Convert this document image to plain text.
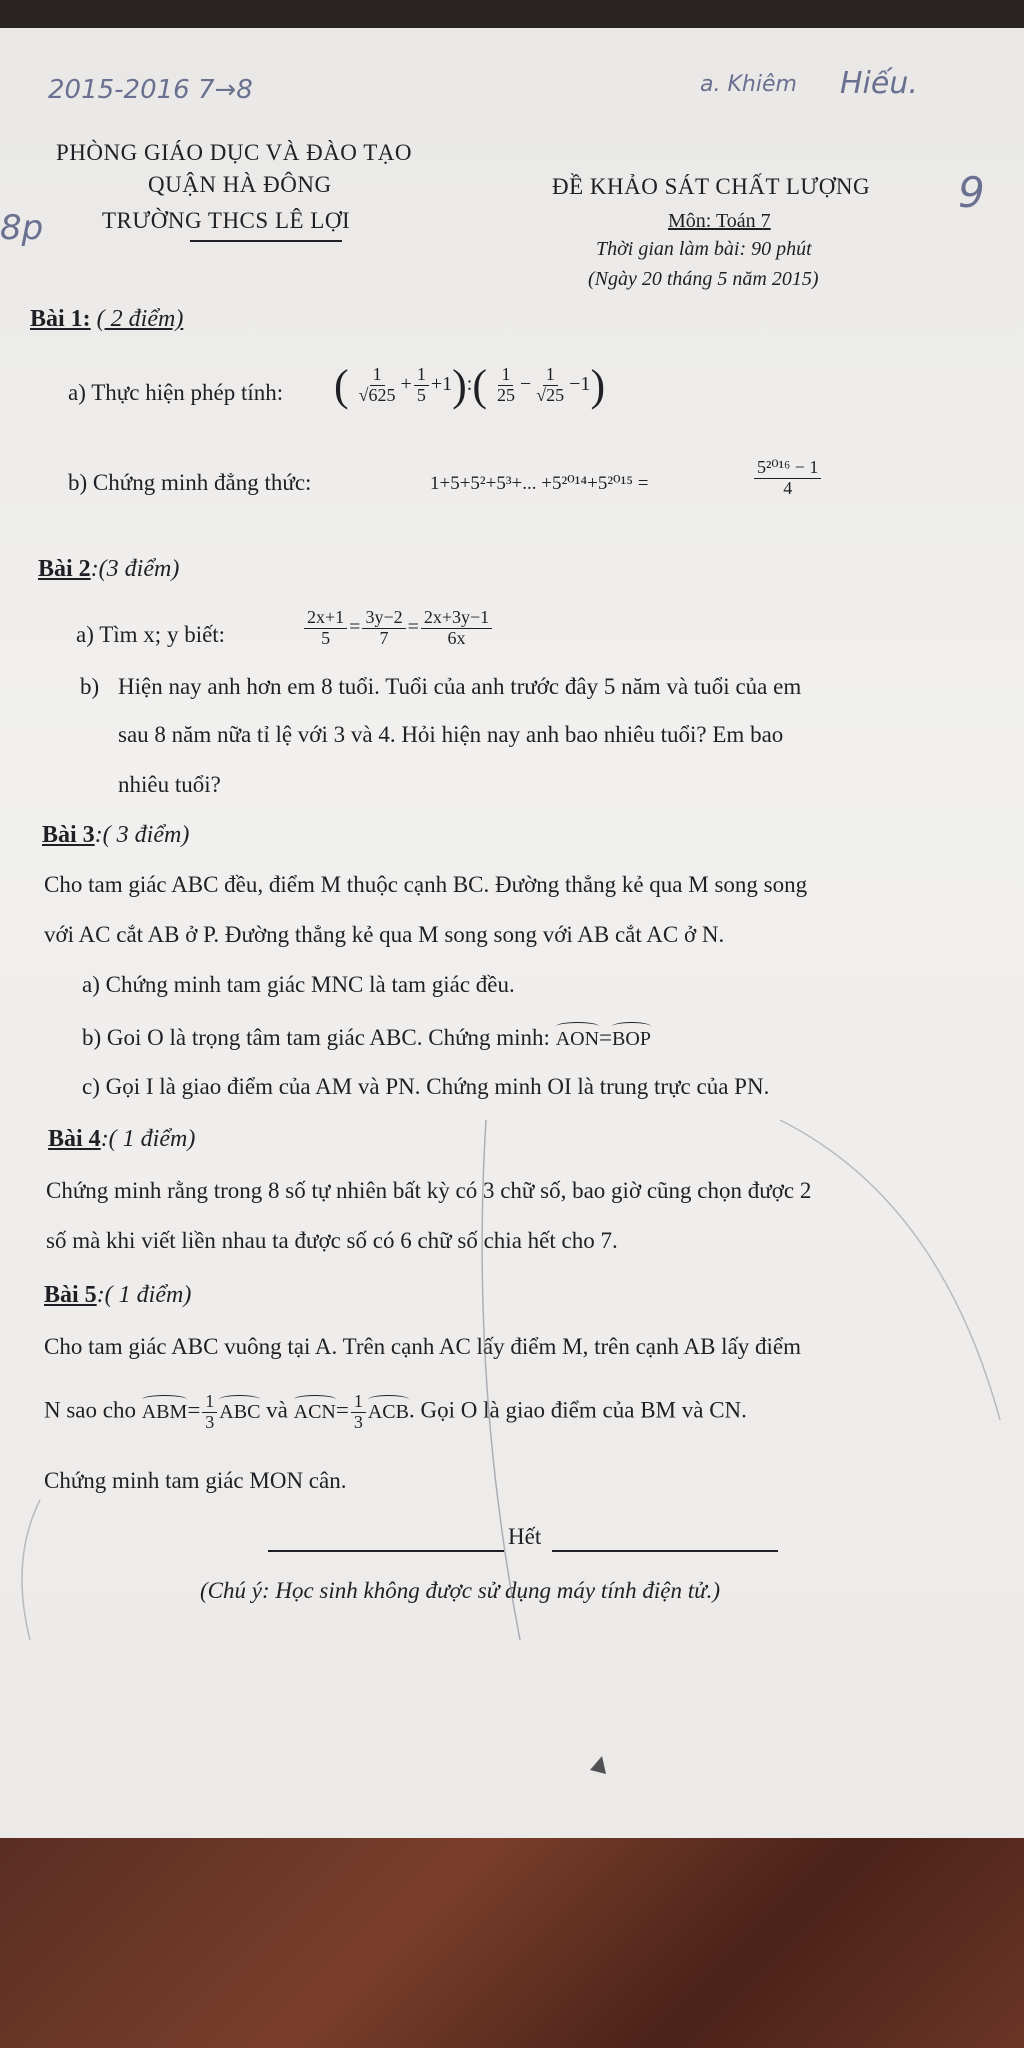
2015-2016 7→8	a. Khiêm Hiếu.
9
8p
PHÒNG GIÁO DỤC VÀ ĐÀO TẠO
QUẬN HÀ ĐÔNG
TRƯỜNG THCS LÊ LỢI
ĐỀ KHẢO SÁT CHẤT LƯỢNG
Môn: Toán 7
Thời gian làm bài: 90 phút
(Ngày 20 tháng 5 năm 2015)
Bài 1: ( 2 điểm)
a) Thực hiện phép tính: ( $\frac{1}{√625} + \frac{1}{5}$ +1):( $\frac{1}{25} - \frac{1}{√25} -1$)
b) Chứng minh đẳng thức:	1+5+5²+5³+... +5²⁰¹⁴+5²⁰¹⁵ =	$\frac{\text{5²⁰¹⁶ − 1}}{4}$
Bài 2:(3 điểm)
a) Tìm x; y biết:	$\frac{2x+1}{5} = \frac{3y-2}{7} = \frac{2x+3y-1}{6x}$
b) Hiện nay anh hơn em 8 tuổi. Tuổi của anh trước đây 5 năm và tuổi của em
sau 8 năm nữa tỉ lệ với 3 và 4. Hỏi hiện nay anh bao nhiêu tuổi? Em bao
nhiêu tuổi?
Bài 3:( 3 điểm)
Cho tam giác ABC đều, điểm M thuộc cạnh BC. Đường thẳng kẻ qua M song song
với AC cắt AB ở P. Đường thẳng kẻ qua M song song với AB cắt AC ở N.
a) Chứng minh tam giác MNC là tam giác đều.
b) Goi O là trọng tâm tam giác ABC. Chứng minh: AON=BOP
c) Gọi I là giao điểm của AM và PN. Chứng minh OI là trung trực của PN.
Bài 4:( 1 điểm)
Chứng minh rằng trong 8 số tự nhiên bất kỳ có 3 chữ số, bao giờ cũng chọn được 2
số mà khi viết liền nhau ta được số có 6 chữ số chia hết cho 7.
Bài 5:( 1 điểm)
Cho tam giác ABC vuông tại A. Trên cạnh AC lấy điểm M, trên cạnh AB lấy điểm
N sao cho $ABM= \frac{1}{3}$ ABC và $ACN= \frac{1}{3}$ ACB. Gọi O là giao điểm của BM và CN.
Chứng minh tam giác MON cân.
Hết
(Chú ý: Học sinh không được sử dụng máy tính điện tử.)
